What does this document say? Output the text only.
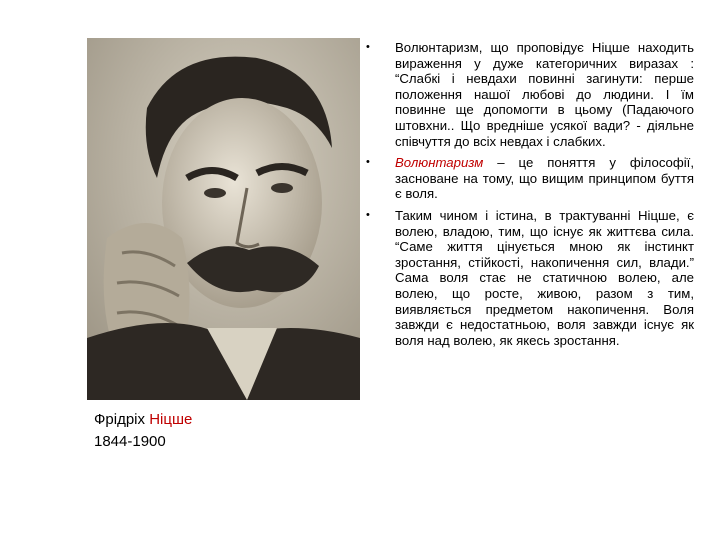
Фрідріх Ніцше
1844-1900
• Волюнтаризм, що проповідує Ніцше находить вираження у дуже категоричних виразах : “Слабкі і невдахи повинні загинути: перше положення нашої любові до людини. І їм повинне ще допомогти в цьому (Падаючого штовхни.. Що вредніше усякої вади? - діяльне співчуття до всіх невдах і слабких.
• Волюнтаризм – це поняття у філософії, засноване на тому, що вищим принципом буття є воля.
• Таким чином і істина, в трактуванні Ніцше, є волею, владою, тим, що існує як життєва сила. “Саме життя цінується мною як інстинкт зростання, стійкості, накопичення сил, влади.” Сама воля стає не статичною волею, але волею, що росте, живою, разом з тим, виявляється предметом накопичення. Воля завжди є недостатньою, воля завжди існує як воля над волею, як якесь зростання.
